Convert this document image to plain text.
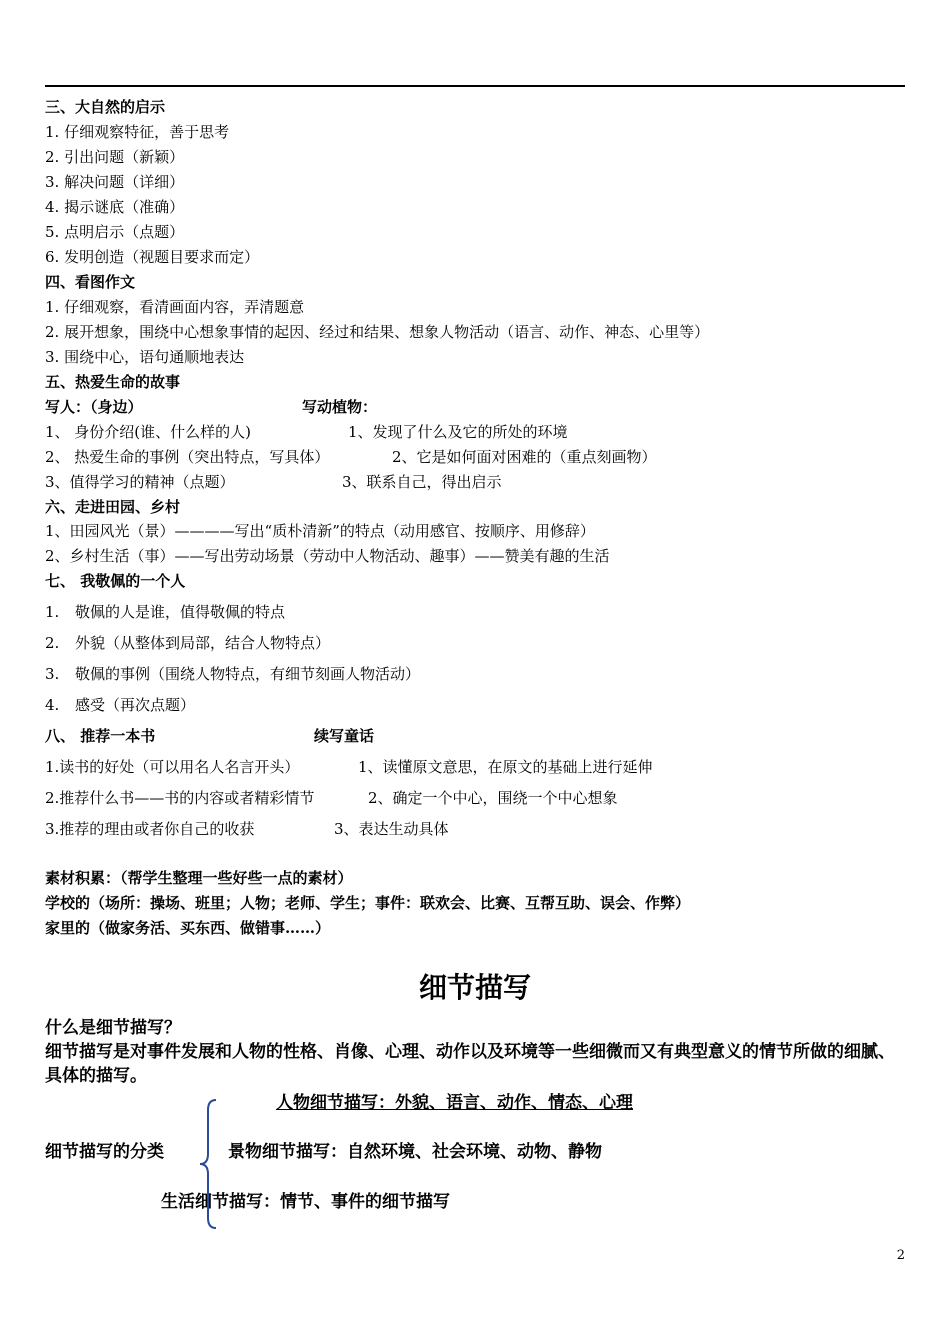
三、大自然的启示
1. 仔细观察特征，善于思考
2. 引出问题（新颖）
3. 解决问题（详细）
4. 揭示谜底（准确）
5. 点明启示（点题）
6. 发明创造（视题目要求而定）
四、看图作文
1. 仔细观察，看清画面内容，弄清题意
2. 展开想象，围绕中心想象事情的起因、经过和结果、想象人物活动（语言、动作、神态、心里等）
3. 围绕中心，语句通顺地表达
五、热爱生命的故事
写人：（身边）	写动植物：
1、 身份介绍(谁、什么样的人)	1、发现了什么及它的所处的环境
2、 热爱生命的事例（突出特点，写具体）	2、它是如何面对困难的（重点刻画物）
3、值得学习的精神（点题）	3、联系自己，得出启示
六、走进田园、乡村
1、田园风光（景）————写出“质朴清新”的特点（动用感官、按顺序、用修辞）
2、乡村生活（事）——写出劳动场景（劳动中人物活动、趣事）——赞美有趣的生活
七、 我敬佩的一个人
1. 敬佩的人是谁，值得敬佩的特点
2. 外貌（从整体到局部，结合人物特点）
3. 敬佩的事例（围绕人物特点，有细节刻画人物活动）
4. 感受（再次点题）
八、 推荐一本书	续写童话
1.读书的好处（可以用名人名言开头）	1、读懂原文意思，在原文的基础上进行延伸
2.推荐什么书——书的内容或者精彩情节	2、确定一个中心，围绕一个中心想象
3.推荐的理由或者你自己的收获	3、表达生动具体
素材积累：（帮学生整理一些好些一点的素材）
学校的（场所：操场、班里；人物；老师、学生；事件：联欢会、比赛、互帮互助、误会、作弊）
家里的（做家务活、买东西、做错事……）
细节描写
什么是细节描写？
细节描写是对事件发展和人物的性格、肖像、心理、动作以及环境等一些细微而又有典型意义的情节所做的细腻、具体的描写。
人物细节描写：外貌、语言、动作、情态、心理
细节描写的分类	景物细节描写：自然环境、社会环境、动物、静物
生活细节描写：情节、事件的细节描写
2
